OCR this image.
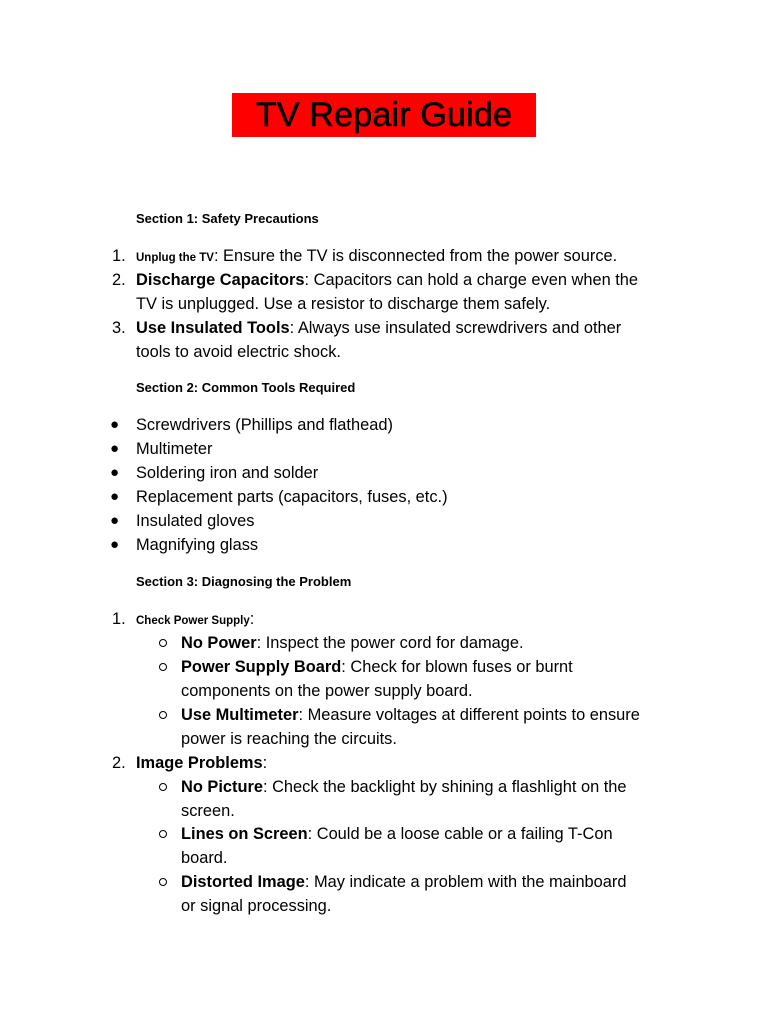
TV Repair Guide
Section 1: Safety Precautions
1. Unplug the TV: Ensure the TV is disconnected from the power source.
2. Discharge Capacitors: Capacitors can hold a charge even when the
TV is unplugged. Use a resistor to discharge them safely.
3. Use Insulated Tools: Always use insulated screwdrivers and other
tools to avoid electric shock.
Section 2: Common Tools Required
●	Screwdrivers (Phillips and flathead)
●	Multimeter
●	Soldering iron and solder
●	Replacement parts (capacitors, fuses, etc.)
●	Insulated gloves
●	Magnifying glass
Section 3: Diagnosing the Problem
1. Check Power Supply:
No Power: Inspect the power cord for damage.
Power Supply Board: Check for blown fuses or burnt
components on the power supply board.
Use Multimeter: Measure voltages at different points to ensure
power is reaching the circuits.
2. Image Problems:
No Picture: Check the backlight by shining a flashlight on the
screen.
Lines on Screen: Could be a loose cable or a failing T-Con
board.
Distorted Image: May indicate a problem with the mainboard
or signal processing.
